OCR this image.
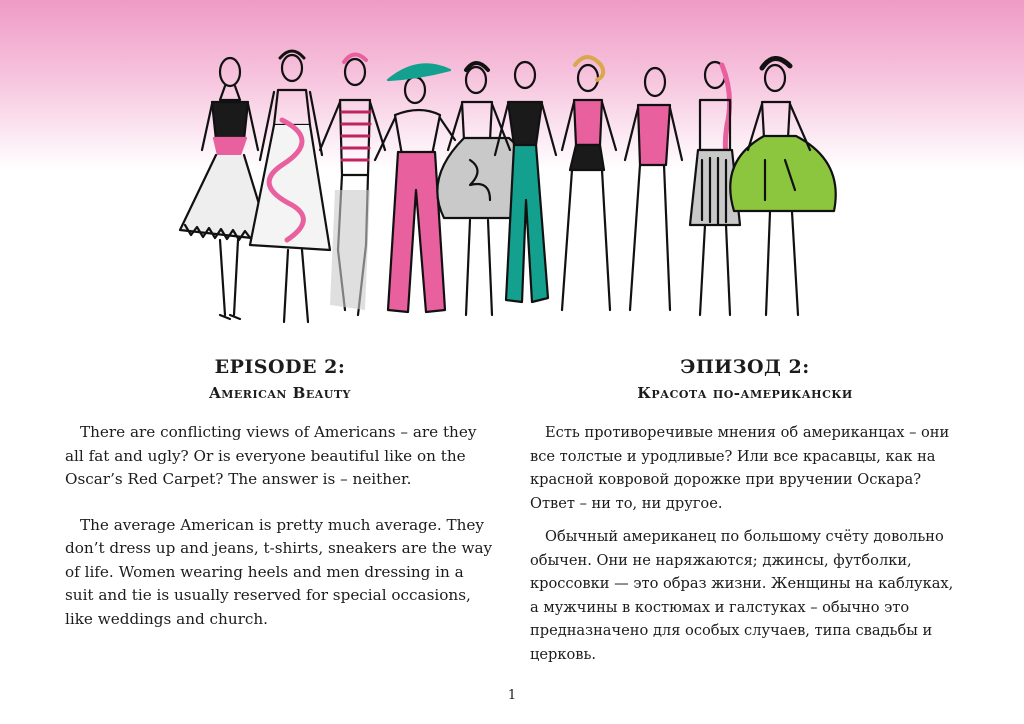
EPISODE 2:
American Beauty

There are conflicting views of Americans – are they all fat and ugly? Or is everyone beautiful like on the Oscar’s Red Carpet? The answer is – neither.

The average American is pretty much average. They don’t dress up and jeans, t-shirts, sneakers are the way of life. Women wearing heels and men dressing in a suit and tie is usually reserved for special occasions, like weddings and church.

ЭПИЗОД 2:
Красота по-американски

Есть противоречивые мнения об американцах – они все толстые и уродливые? Или все красавцы, как на красной ковровой дорожке при вручении Оскара? Ответ – ни то, ни другое.

Обычный американец по большому счёту довольно обычен. Они не наряжаются; джинсы, футболки, кроссовки — это образ жизни. Женщины на каблуках, а мужчины в костюмах и галстуках – обычно это предназначено для особых случаев, типа свадьбы и церковь.

1
